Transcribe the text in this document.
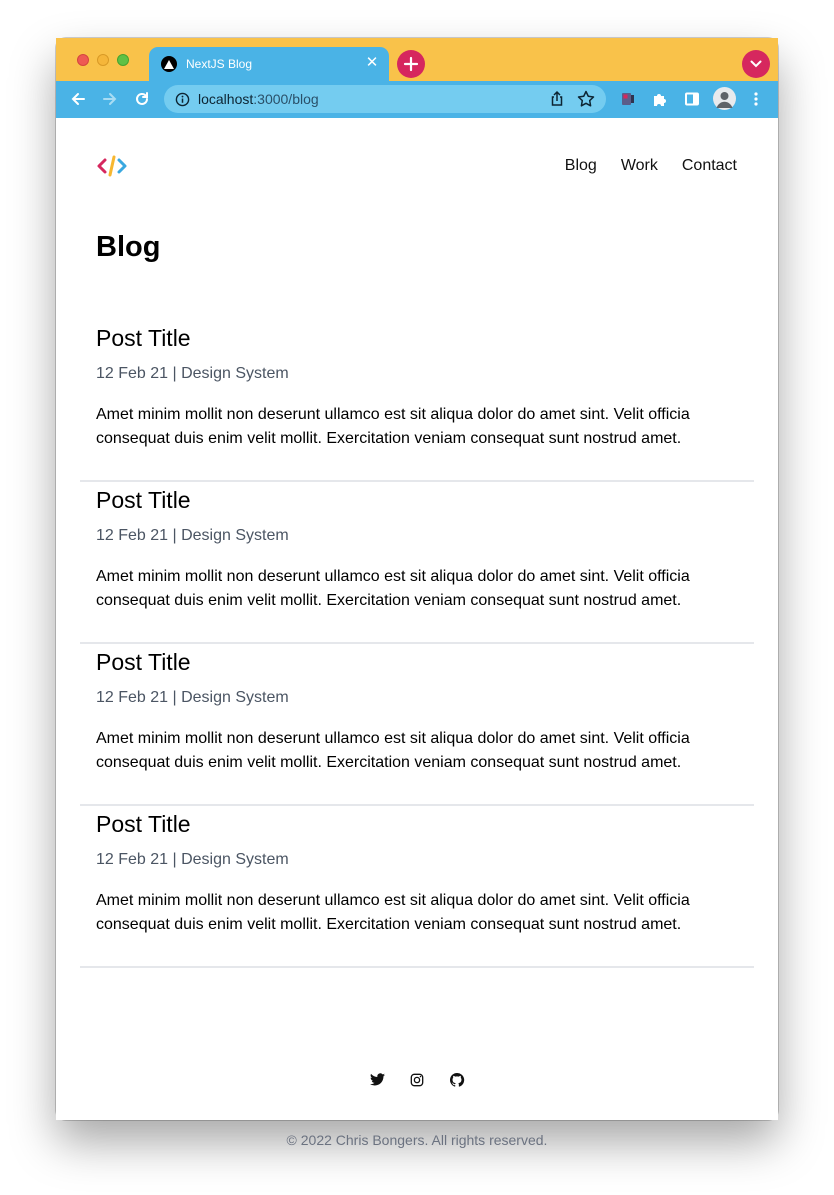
NextJS Blog	✕
localhost:3000/blog
Blog Work Contact
Blog
Post Title
12 Feb 21 | Design System
Amet minim mollit non deserunt ullamco est sit aliqua dolor do amet sint. Velit officia consequat duis enim velit mollit. Exercitation veniam consequat sunt nostrud amet.
Post Title
12 Feb 21 | Design System
Amet minim mollit non deserunt ullamco est sit aliqua dolor do amet sint. Velit officia consequat duis enim velit mollit. Exercitation veniam consequat sunt nostrud amet.
Post Title
12 Feb 21 | Design System
Amet minim mollit non deserunt ullamco est sit aliqua dolor do amet sint. Velit officia consequat duis enim velit mollit. Exercitation veniam consequat sunt nostrud amet.
Post Title
12 Feb 21 | Design System
Amet minim mollit non deserunt ullamco est sit aliqua dolor do amet sint. Velit officia consequat duis enim velit mollit. Exercitation veniam consequat sunt nostrud amet.
© 2022 Chris Bongers. All rights reserved.
